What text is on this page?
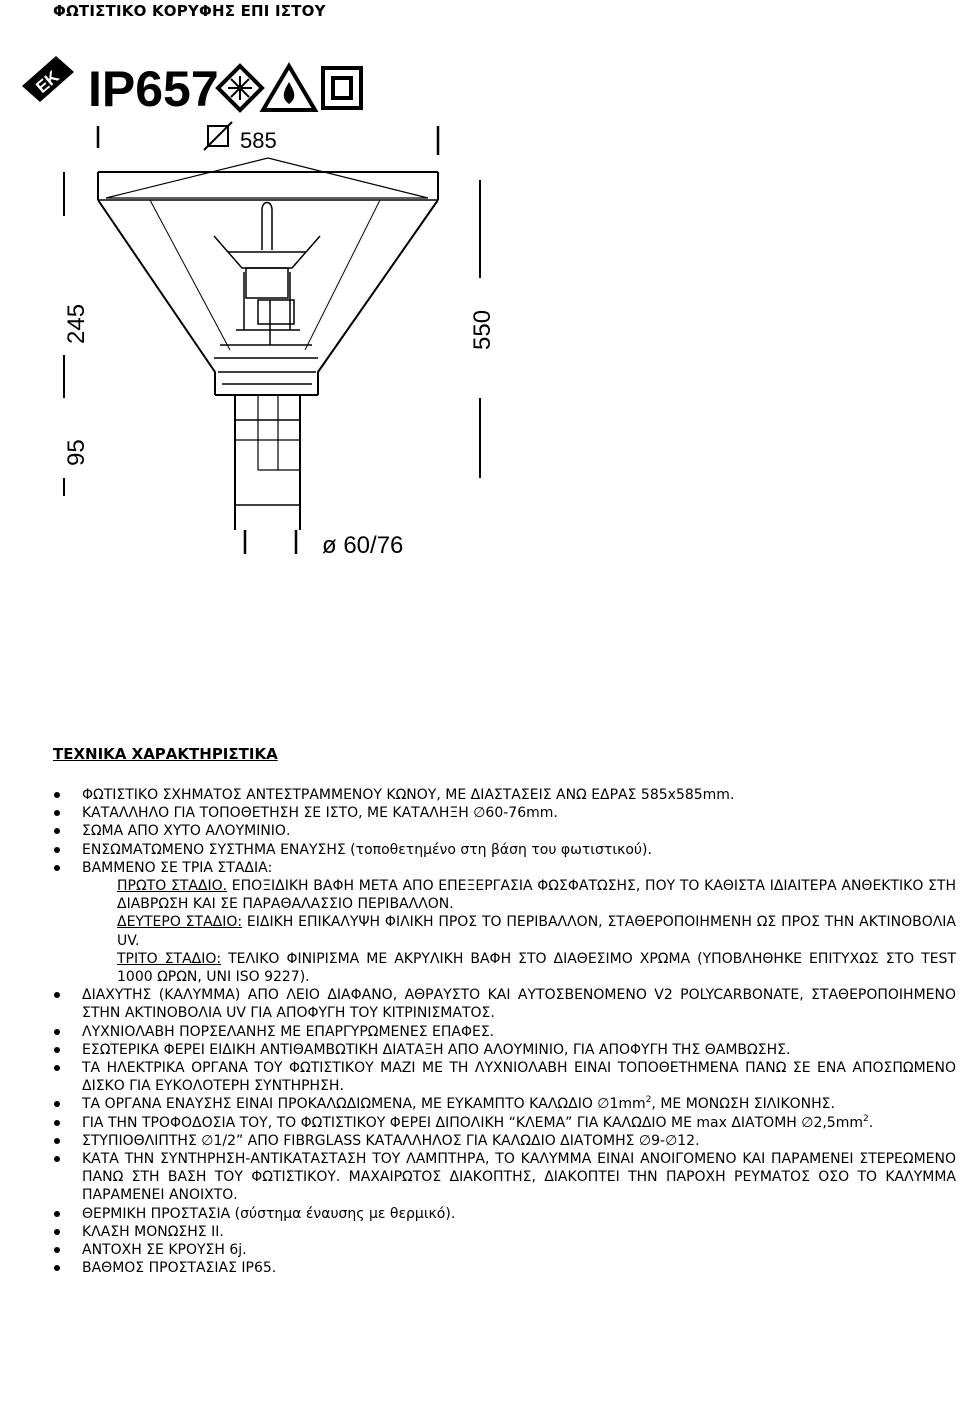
ΦΩΤΙΣΤΙΚΟ ΚΟΡΥΦΗΣ ΕΠΙ ΙΣΤΟΥ
EK IP657
585
245
95
550
ø 60/76
ΤΕΧΝΙΚΑ ΧΑΡΑΚΤΗΡΙΣΤΙΚΑ
ΦΩΤΙΣΤΙΚΟ ΣΧΗΜΑΤΟΣ ΑΝΤΕΣΤΡΑΜΜΕΝΟΥ ΚΩΝΟΥ, ΜΕ ΔΙΑΣΤΑΣΕΙΣ ΑΝΩ ΕΔΡΑΣ 585x585mm.
ΚΑΤΑΛΛΗΛΟ ΓΙΑ ΤΟΠΟΘΕΤΗΣΗ ΣΕ ΙΣΤΟ, ΜΕ ΚΑΤΑΛΗΞΗ ∅60-76mm.
ΣΩΜΑ ΑΠΟ ΧΥΤΟ ΑΛΟΥΜΙΝΙΟ.
ΕΝΣΩΜΑΤΩΜΕΝΟ ΣΥΣΤΗΜΑ ΕΝΑΥΣΗΣ (τοποθετημένο στη βάση του φωτιστικού).
ΒΑΜΜΕΝΟ ΣΕ ΤΡΙΑ ΣΤΑΔΙΑ:
ΠΡΩΤΟ ΣΤΑΔΙΟ. ΕΠΟΞΙΔΙΚΗ ΒΑΦΗ ΜΕΤΑ ΑΠΟ ΕΠΕΞΕΡΓΑΣΙΑ ΦΩΣΦΑΤΩΣΗΣ, ΠΟΥ ΤΟ ΚΑΘΙΣΤΑ ΙΔΙΑΙΤΕΡΑ ΑΝΘΕΚΤΙΚΟ ΣΤΗ ΔΙΑΒΡΩΣΗ ΚΑΙ ΣΕ ΠΑΡΑΘΑΛΑΣΣΙΟ ΠΕΡΙΒΑΛΛΟΝ.
ΔΕΥΤΕΡΟ ΣΤΑΔΙΟ: ΕΙΔΙΚΗ ΕΠΙΚΑΛΥΨΗ ΦΙΛΙΚΗ ΠΡΟΣ ΤΟ ΠΕΡΙΒΑΛΛΟΝ, ΣΤΑΘΕΡΟΠΟΙΗΜΕΝΗ ΩΣ ΠΡΟΣ ΤΗΝ ΑΚΤΙΝΟΒΟΛΙΑ UV.
ΤΡΙΤΟ ΣΤΑΔΙΟ: ΤΕΛΙΚΟ ΦΙΝΙΡΙΣΜΑ ΜΕ ΑΚΡΥΛΙΚΗ ΒΑΦΗ ΣΤΟ ΔΙΑΘΕΣΙΜΟ ΧΡΩΜΑ (ΥΠΟΒΛΗΘΗΚΕ ΕΠΙΤΥΧΩΣ ΣΤΟ TEST 1000 ΩΡΩΝ, UNI ISO 9227).
ΔΙΑΧΥΤΗΣ (ΚΑΛΥΜΜΑ) ΑΠΟ ΛΕΙΟ ΔΙΑΦΑΝΟ, ΑΘΡΑΥΣΤΟ ΚΑΙ ΑΥΤΟΣΒΕΝΟΜΕΝΟ V2 POLYCARBONATE, ΣΤΑΘΕΡΟΠΟΙΗΜΕΝΟ ΣΤΗΝ ΑΚΤΙΝΟΒΟΛΙΑ UV ΓΙΑ ΑΠΟΦΥΓΗ ΤΟΥ ΚΙΤΡΙΝΙΣΜΑΤΟΣ.
ΛΥΧΝΙΟΛΑΒΗ ΠΟΡΣΕΛΑΝΗΣ ΜΕ ΕΠΑΡΓΥΡΩΜΕΝΕΣ ΕΠΑΦΕΣ.
ΕΣΩΤΕΡΙΚΑ ΦΕΡΕΙ ΕΙΔΙΚΗ ΑΝΤΙΘΑΜΒΩΤΙΚΗ ΔΙΑΤΑΞΗ ΑΠΟ ΑΛΟΥΜΙΝΙΟ, ΓΙΑ ΑΠΟΦΥΓΗ ΤΗΣ ΘΑΜΒΩΣΗΣ.
ΤΑ ΗΛΕΚΤΡΙΚΑ ΟΡΓΑΝΑ ΤΟΥ ΦΩΤΙΣΤΙΚΟΥ ΜΑΖΙ ΜΕ ΤΗ ΛΥΧΝΙΟΛΑΒΗ ΕΙΝΑΙ ΤΟΠΟΘΕΤΗΜΕΝΑ ΠΑΝΩ ΣΕ ΕΝΑ ΑΠΟΣΠΩΜΕΝΟ ΔΙΣΚΟ ΓΙΑ ΕΥΚΟΛΟΤΕΡΗ ΣΥΝΤΗΡΗΣΗ.
ΤΑ ΟΡΓΑΝΑ ΕΝΑΥΣΗΣ ΕΙΝΑΙ ΠΡΟΚΑΛΩΔΙΩΜΕΝΑ, ΜΕ ΕΥΚΑΜΠΤΟ ΚΑΛΩΔΙΟ $\emptyset 1mm^2$, ΜΕ ΜΟΝΩΣΗ ΣΙΛΙΚΟΝΗΣ.
ΓΙΑ ΤΗΝ ΤΡΟΦΟΔΟΣΙΑ ΤΟΥ, ΤΟ ΦΩΤΙΣΤΙΚΟΥ ΦΕΡΕΙ ΔΙΠΟΛΙΚΗ “ΚΛΕΜΑ” ΓΙΑ ΚΑΛΩΔΙΟ ΜΕ max ΔΙΑΤΟΜΗ $\emptyset 2,5mm^2$.
ΣΤΥΠΙΟΘΛΙΠΤΗΣ ∅1/2” ΑΠΟ FIBRGLASS ΚΑΤΑΛΛΗΛΟΣ ΓΙΑ ΚΑΛΩΔΙΟ ΔΙΑΤΟΜΗΣ ∅9-∅12.
ΚΑΤΑ ΤΗΝ ΣΥΝΤΗΡΗΣΗ-ΑΝΤΙΚΑΤΑΣΤΑΣΗ ΤΟΥ ΛΑΜΠΤΗΡΑ, ΤΟ ΚΑΛΥΜΜΑ ΕΙΝΑΙ ΑΝΟΙΓΟΜΕΝΟ ΚΑΙ ΠΑΡΑΜΕΝΕΙ ΣΤΕΡΕΩΜΕΝΟ ΠΑΝΩ ΣΤΗ ΒΑΣΗ ΤΟΥ ΦΩΤΙΣΤΙΚΟΥ. ΜΑΧΑΙΡΩΤΟΣ ΔΙΑΚΟΠΤΗΣ, ΔΙΑΚΟΠΤΕΙ ΤΗΝ ΠΑΡΟΧΗ ΡΕΥΜΑΤΟΣ ΟΣΟ ΤΟ ΚΑΛΥΜΜΑ ΠΑΡΑΜΕΝΕΙ ΑΝΟΙΧΤΟ.
ΘΕΡΜΙΚΗ ΠΡΟΣΤΑΣΙΑ (σύστημα έναυσης με θερμικό).
ΚΛΑΣΗ ΜΟΝΩΣΗΣ ΙΙ.
ΑΝΤΟΧΗ ΣΕ ΚΡΟΥΣΗ 6j.
ΒΑΘΜΟΣ ΠΡΟΣΤΑΣΙΑΣ IP65.
